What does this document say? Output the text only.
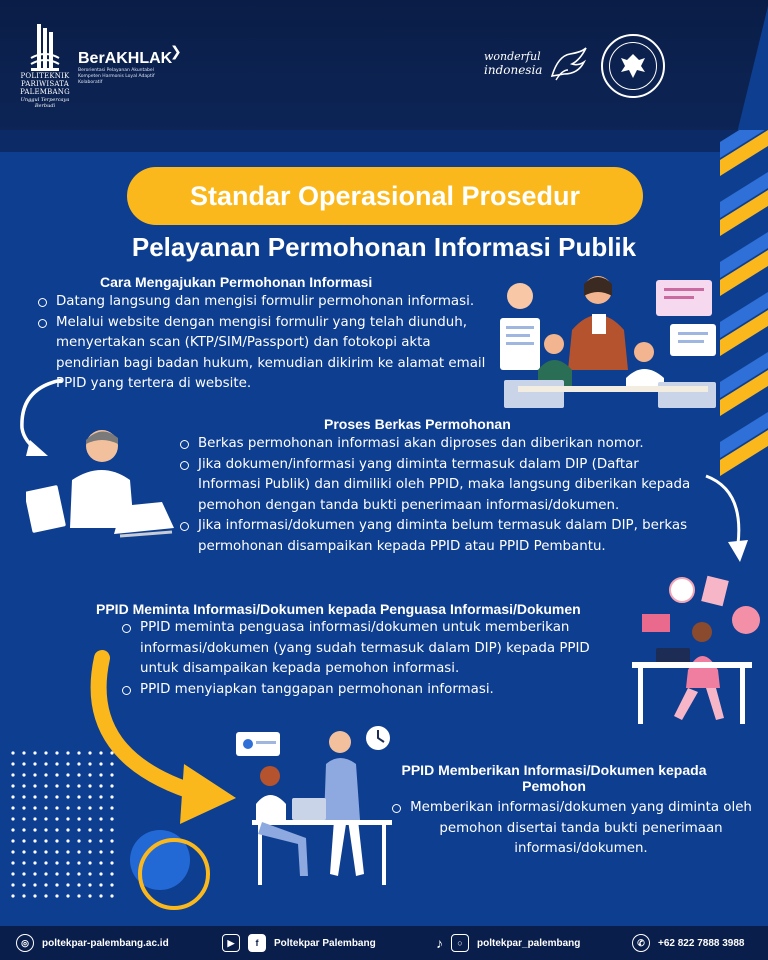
POLITEKNIK
PARIWISATA
PALEMBANG
Unggul Terpercaya Berbudi
❯
BerAKHLAK
Berorientasi Pelayanan Akuntabel Kompeten Harmonis Loyal Adaptif Kolaboratif
wonderful
indonesia
Standar Operasional Prosedur
Pelayanan Permohonan Informasi Publik
Cara Mengajukan Permohonan Informasi
Datang langsung dan mengisi formulir permohonan informasi.
Melalui website dengan mengisi formulir yang telah diunduh, menyertakan scan (KTP/SIM/Passport) dan fotokopi akta pendirian bagi badan hukum, kemudian dikirim ke alamat email PPID yang tertera di website.
Proses Berkas Permohonan
Berkas permohonan informasi akan diproses dan diberikan nomor.
Jika dokumen/informasi yang diminta termasuk dalam DIP (Daftar Informasi Publik) dan dimiliki oleh PPID, maka langsung diberikan kepada pemohon dengan tanda bukti penerimaan informasi/dokumen.
Jika informasi/dokumen yang diminta belum termasuk dalam DIP, berkas permohonan disampaikan kepada PPID atau PPID Pembantu.
PPID Meminta Informasi/Dokumen kepada Penguasa Informasi/Dokumen
PPID meminta penguasa informasi/dokumen untuk memberikan informasi/dokumen (yang sudah termasuk dalam DIP) kepada PPID untuk disampaikan kepada pemohon informasi.
PPID menyiapkan tanggapan permohonan informasi.
PPID Memberikan Informasi/Dokumen kepada
Pemohon
Memberikan informasi/dokumen yang diminta oleh pemohon disertai tanda bukti penerimaan informasi/dokumen.
◎	poltekpar-palembang.ac.id	▶	f	Poltekpar Palembang	♪	○	poltekpar_palembang	✆	+62 822 7888 3988
